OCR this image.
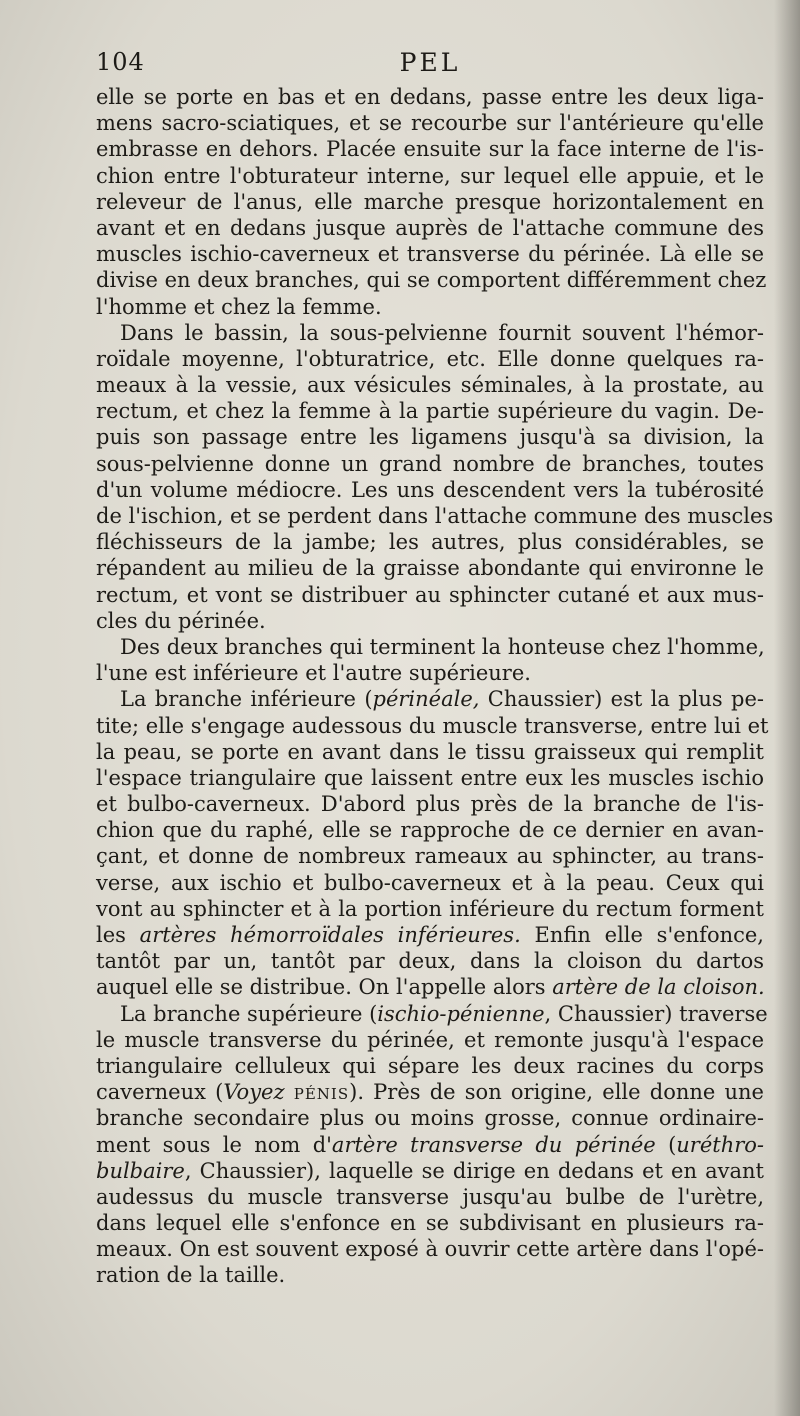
104	PEL
elle se porte en bas et en dedans, passe entre les deux liga-
mens sacro-sciatiques, et se recourbe sur l'antérieure qu'elle
embrasse en dehors. Placée ensuite sur la face interne de l'is-
chion entre l'obturateur interne, sur lequel elle appuie, et le
releveur de l'anus, elle marche presque horizontalement en
avant et en dedans jusque auprès de l'attache commune des
muscles ischio-caverneux et transverse du périnée. Là elle se
divise en deux branches, qui se comportent différemment chez
l'homme et chez la femme.
Dans le bassin, la sous-pelvienne fournit souvent l'hémor-
roïdale moyenne, l'obturatrice, etc. Elle donne quelques ra-
meaux à la vessie, aux vésicules séminales, à la prostate, au
rectum, et chez la femme à la partie supérieure du vagin. De-
puis son passage entre les ligamens jusqu'à sa division, la
sous-pelvienne donne un grand nombre de branches, toutes
d'un volume médiocre. Les uns descendent vers la tubérosité
de l'ischion, et se perdent dans l'attache commune des muscles
fléchisseurs de la jambe; les autres, plus considérables, se
répandent au milieu de la graisse abondante qui environne le
rectum, et vont se distribuer au sphincter cutané et aux mus-
cles du périnée.
Des deux branches qui terminent la honteuse chez l'homme,
l'une est inférieure et l'autre supérieure.
La branche inférieure (périnéale, Chaussier) est la plus pe-
tite; elle s'engage audessous du muscle transverse, entre lui et
la peau, se porte en avant dans le tissu graisseux qui remplit
l'espace triangulaire que laissent entre eux les muscles ischio
et bulbo-caverneux. D'abord plus près de la branche de l'is-
chion que du raphé, elle se rapproche de ce dernier en avan-
çant, et donne de nombreux rameaux au sphincter, au trans-
verse, aux ischio et bulbo-caverneux et à la peau. Ceux qui
vont au sphincter et à la portion inférieure du rectum forment
les artères hémorroïdales inférieures. Enfin elle s'enfonce,
tantôt par un, tantôt par deux, dans la cloison du dartos
auquel elle se distribue. On l'appelle alors artère de la cloison.
La branche supérieure (ischio-pénienne, Chaussier) traverse
le muscle transverse du périnée, et remonte jusqu'à l'espace
triangulaire celluleux qui sépare les deux racines du corps
caverneux (Voyez PÉNIS). Près de son origine, elle donne une
branche secondaire plus ou moins grosse, connue ordinaire-
ment sous le nom d'artère transverse du périnée (uréthro-
bulbaire, Chaussier), laquelle se dirige en dedans et en avant
audessus du muscle transverse jusqu'au bulbe de l'urètre,
dans lequel elle s'enfonce en se subdivisant en plusieurs ra-
meaux. On est souvent exposé à ouvrir cette artère dans l'opé-
ration de la taille.
